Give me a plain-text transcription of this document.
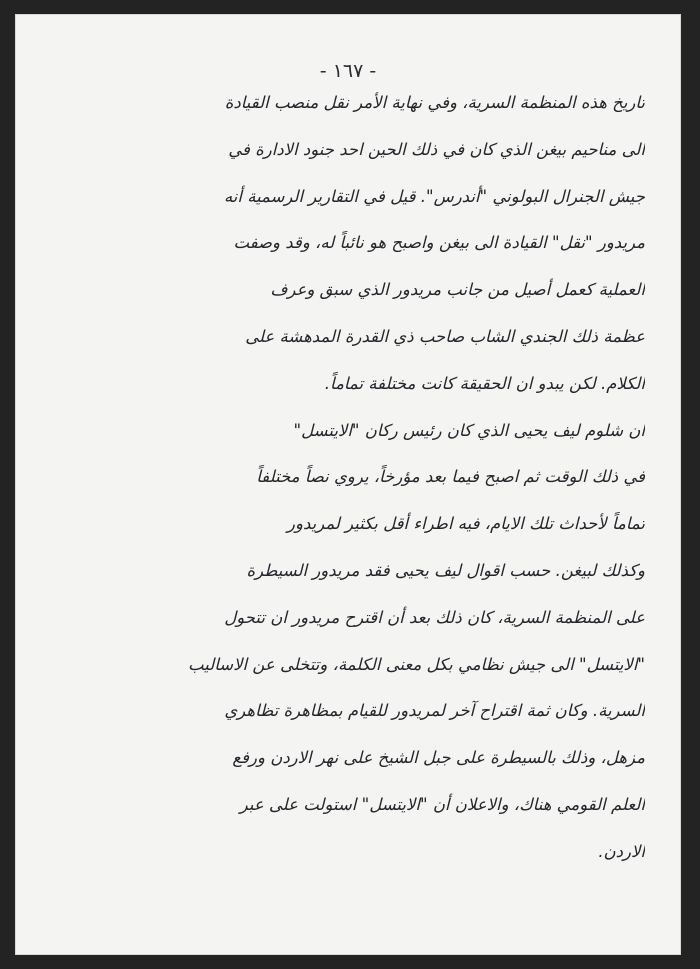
- ١٦٧ -
تاريخ هذه المنظمة السرية، وفي نهاية الأمر نقل منصب القيادة
الى مناحيم بيغن الذي كان في ذلك الحين احد جنود الادارة في
جيش الجنرال البولوني "أندرس". قيل في التقارير الرسمية أنه
مريدور "نقل" القيادة الى بيغن واصبح هو نائباً له، وقد وصفت
العملية كعمل أصيل من جانب مريدور الذي سبق وعرف
عظمة ذلك الجندي الشاب صاحب ذي القدرة المدهشة على
الكلام. لكن يبدو ان الحقيقة كانت مختلفة تماماً.
ان شلوم ليف يحيى الذي كان رئيس ركان "الايتسل"
في ذلك الوقت ثم اصبح فيما بعد مؤرخاً، يروي نصاً مختلفاً
تماماً لأحداث تلك الايام، فيه اطراء أقل بكثير لمريدور
وكذلك لبيغن. حسب اقوال ليف يحيى فقد مريدور السيطرة
على المنظمة السرية، كان ذلك بعد أن اقترح مريدور ان تتحول
"الايتسل" الى جيش نظامي بكل معنى الكلمة، وتتخلى عن الاساليب
السرية. وكان ثمة اقتراح آخر لمريدور للقيام بمظاهرة تظاهري
مزهل، وذلك بالسيطرة على جبل الشيخ على نهر الاردن ورفع
العلم القومي هناك، والاعلان أن "الايتسل" استولت على عبر
الاردن.
